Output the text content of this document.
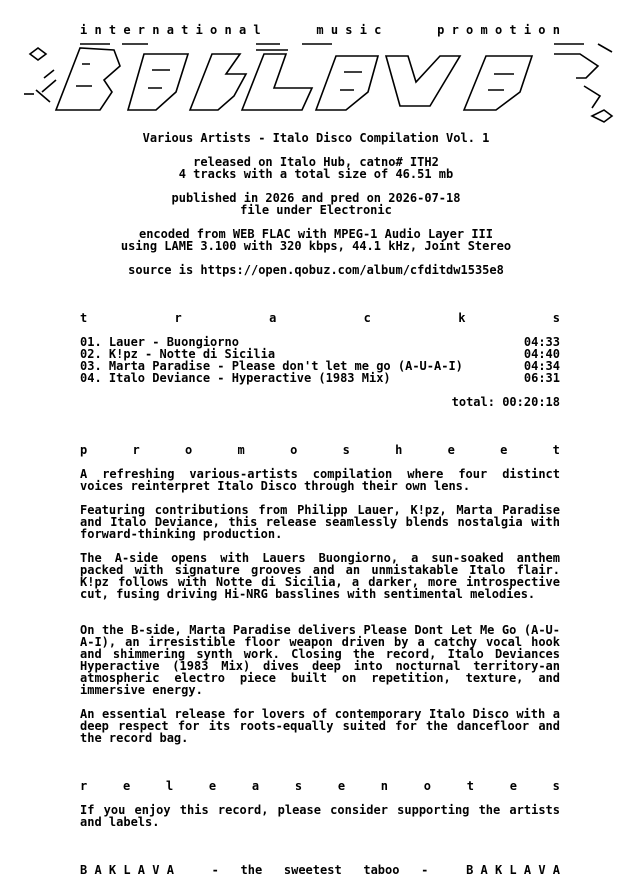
i n t e r n a t i o n a l	m u s i c	p r o m o t i o n
Various Artists - Italo Disco Compilation Vol. 1
released on Italo Hub, catno# ITH2
4 tracks with a total size of 46.51 mb
published in 2026 and pred on 2026-07-18
file under Electronic
encoded from WEB FLAC with MPEG-1 Audio Layer III
using LAME 3.100 with 320 kbps, 44.1 kHz, Joint Stereo
source is https://open.qobuz.com/album/cfditdw1535e8
t	r	a	c	k	s
01. Lauer - Buongiorno	04:33
02. K!pz - Notte di Sicilia	04:40
03. Marta Paradise - Please don't let me go (A-U-A-I)	04:34
04. Italo Deviance - Hyperactive (1983 Mix)	06:31
total: 00:20:18
p	r	o	m	o	s	h	e	e	t
A refreshing various-artists compilation where four distinct voices reinterpret Italo Disco through their own lens.
Featuring contributions from Philipp Lauer, K!pz, Marta Paradise and Italo Deviance, this release seamlessly blends nostalgia with forward-thinking production.
The A-side opens with Lauers Buongiorno, a sun-soaked anthem packed with signature grooves and an unmistakable Italo flair. K!pz follows with Notte di Sicilia, a darker, more introspective cut, fusing driving Hi-NRG basslines with sentimental melodies.
On the B-side, Marta Paradise delivers Please Dont Let Me Go (A-U-A-I), an irresistible floor weapon driven by a catchy vocal hook and shimmering synth work. Closing the record, Italo Deviances Hyperactive (1983 Mix) dives deep into nocturnal territory-an atmospheric electro piece built on repetition, texture, and immersive energy.
An essential release for lovers of contemporary Italo Disco with a deep respect for its roots-equally suited for the dancefloor and the record bag.
r	e	l	e	a	s	e	n	o	t	e	s
If you enjoy this record, please consider supporting the artists and labels.
B A K L A V A	-   the   sweetest   taboo   -	B A K L A V A
